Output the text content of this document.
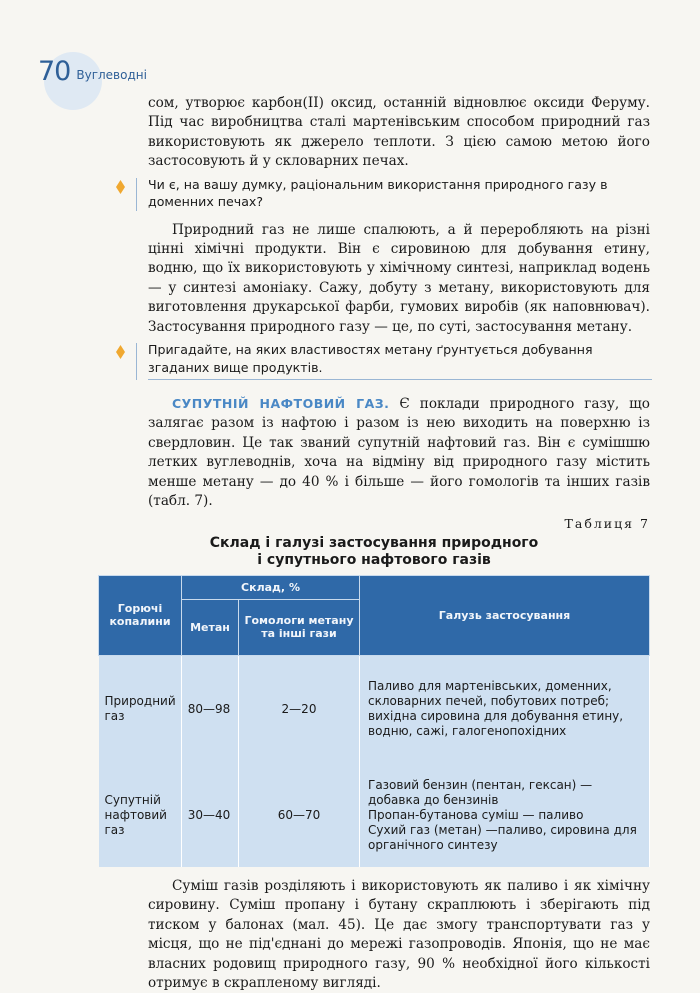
70 Вуглеводні

сом, утворює карбон(II) оксид, останній відновлює оксиди Феруму. Під час виробництва сталі мартенівським способом природний газ використовують як джерело теплоти. З цією самою метою його застосовують й у скловарних печах.

Чи є, на вашу думку, раціональним використання природного газу в доменних печах?

Природний газ не лише спалюють, а й переробляють на різні цінні хімічні продукти. Він є сировиною для добування етину, водню, що їх використовують у хімічному синтезі, наприклад водень — у синтезі амоніаку. Сажу, добуту з метану, використовують для виготовлення друкарської фарби, гумових виробів (як наповнювач). Застосування природного газу — це, по суті, застосування метану.

Пригадайте, на яких властивостях метану ґрунтується добування згаданих вище продуктів.

СУПУТНІЙ НАФТОВИЙ ГАЗ. Є поклади природного газу, що залягає разом із нафтою і разом із нею виходить на поверхню із свердловин. Це так званий супутній нафтовий газ. Він є сумішшю летких вуглеводнів, хоча на відміну від природного газу містить менше метану — до 40 % і більше — його гомологів та інших газів (табл. 7).

Таблиця 7
Склад і галузі застосування природного
і супутнього нафтового газів
Горючі копалини	Склад, %		Галузь застосування
	Метан	Гомологи метану та інші гази	
Природний газ	80—98	2—20	Паливо для мартенівських, доменних, скловарних печей, побутових потреб; вихідна сировина для добування етину, водню, сажі, галогенопохідних
Супутній нафтовий газ	30—40	60—70	Газовий бензин (пентан, гексан) — добавка до бензинів
Пропан-бутанова суміш — паливо
Сухий газ (метан) —паливо, сировина для органічного синтезу

Суміш газів розділяють і використовують як паливо і як хімічну сировину. Суміш пропану і бутану скраплюють і зберігають під тиском у балонах (мал. 45). Це дає змогу транспортувати газ у місця, що не під'єднані до мережі газопроводів. Японія, що не має власних родовищ природного газу, 90 % необхідної його кількості отримує в скрапленому вигляді.
